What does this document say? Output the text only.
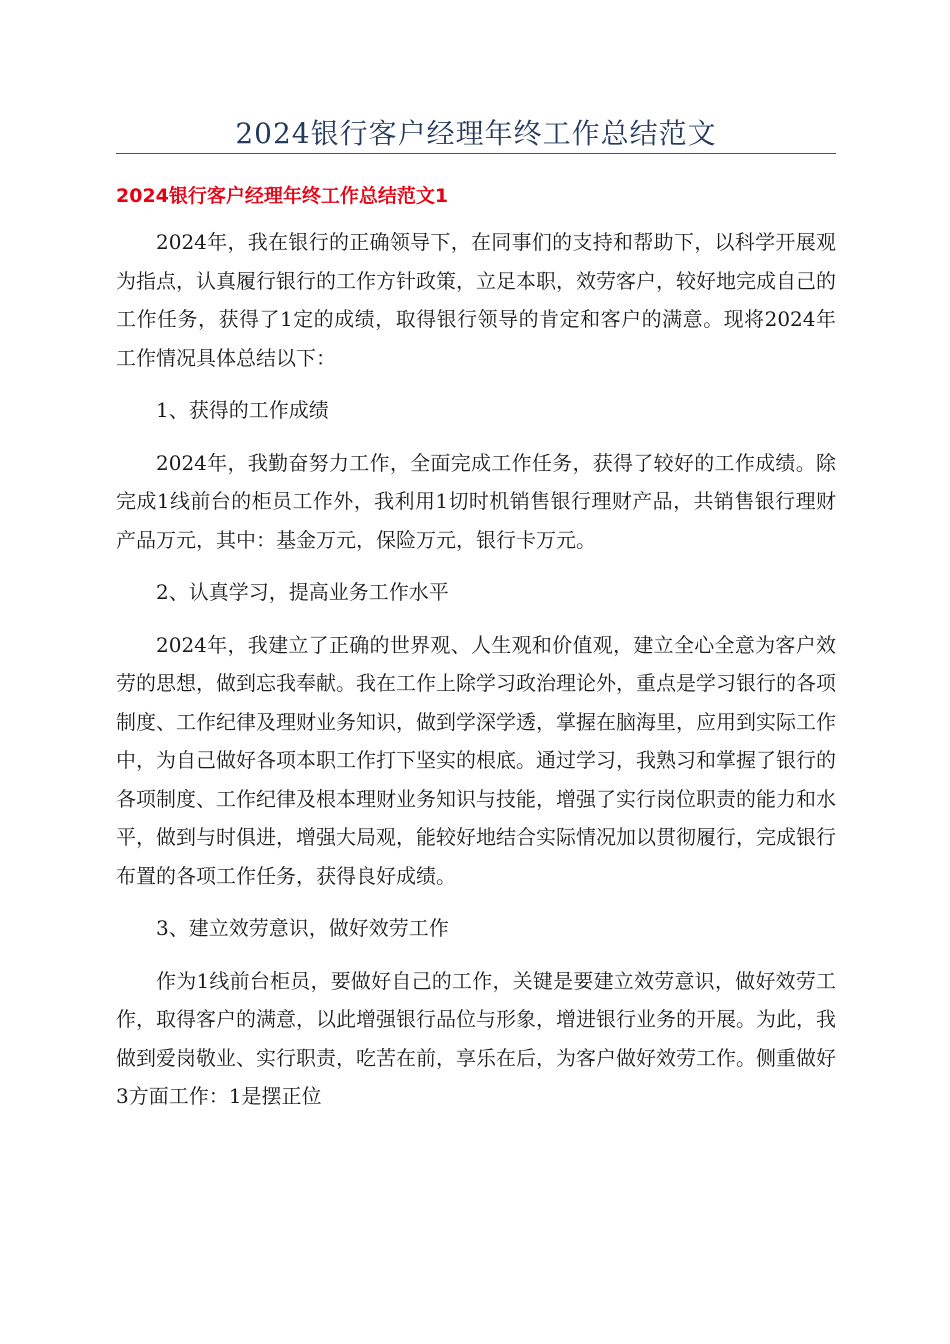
2024银行客户经理年终工作总结范文
2024银行客户经理年终工作总结范文1

2024年，我在银行的正确领导下，在同事们的支持和帮助下，以科学开展观为指点，认真履行银行的工作方针政策，立足本职，效劳客户，较好地完成自己的工作任务，获得了1定的成绩，取得银行领导的肯定和客户的满意。现将2024年工作情况具体总结以下：

1、获得的工作成绩

2024年，我勤奋努力工作，全面完成工作任务，获得了较好的工作成绩。除完成1线前台的柜员工作外，我利用1切时机销售银行理财产品，共销售银行理财产品万元，其中：基金万元，保险万元，银行卡万元。

2、认真学习，提高业务工作水平

2024年，我建立了正确的世界观、人生观和价值观，建立全心全意为客户效劳的思想，做到忘我奉献。我在工作上除学习政治理论外，重点是学习银行的各项制度、工作纪律及理财业务知识，做到学深学透，掌握在脑海里，应用到实际工作中，为自己做好各项本职工作打下坚实的根底。通过学习，我熟习和掌握了银行的各项制度、工作纪律及根本理财业务知识与技能，增强了实行岗位职责的能力和水平，做到与时俱进，增强大局观，能较好地结合实际情况加以贯彻履行，完成银行布置的各项工作任务，获得良好成绩。

3、建立效劳意识，做好效劳工作

作为1线前台柜员，要做好自己的工作，关键是要建立效劳意识，做好效劳工作，取得客户的满意，以此增强银行品位与形象，增进银行业务的开展。为此，我做到爱岗敬业、实行职责，吃苦在前，享乐在后，为客户做好效劳工作。侧重做好3方面工作：1是摆正位
